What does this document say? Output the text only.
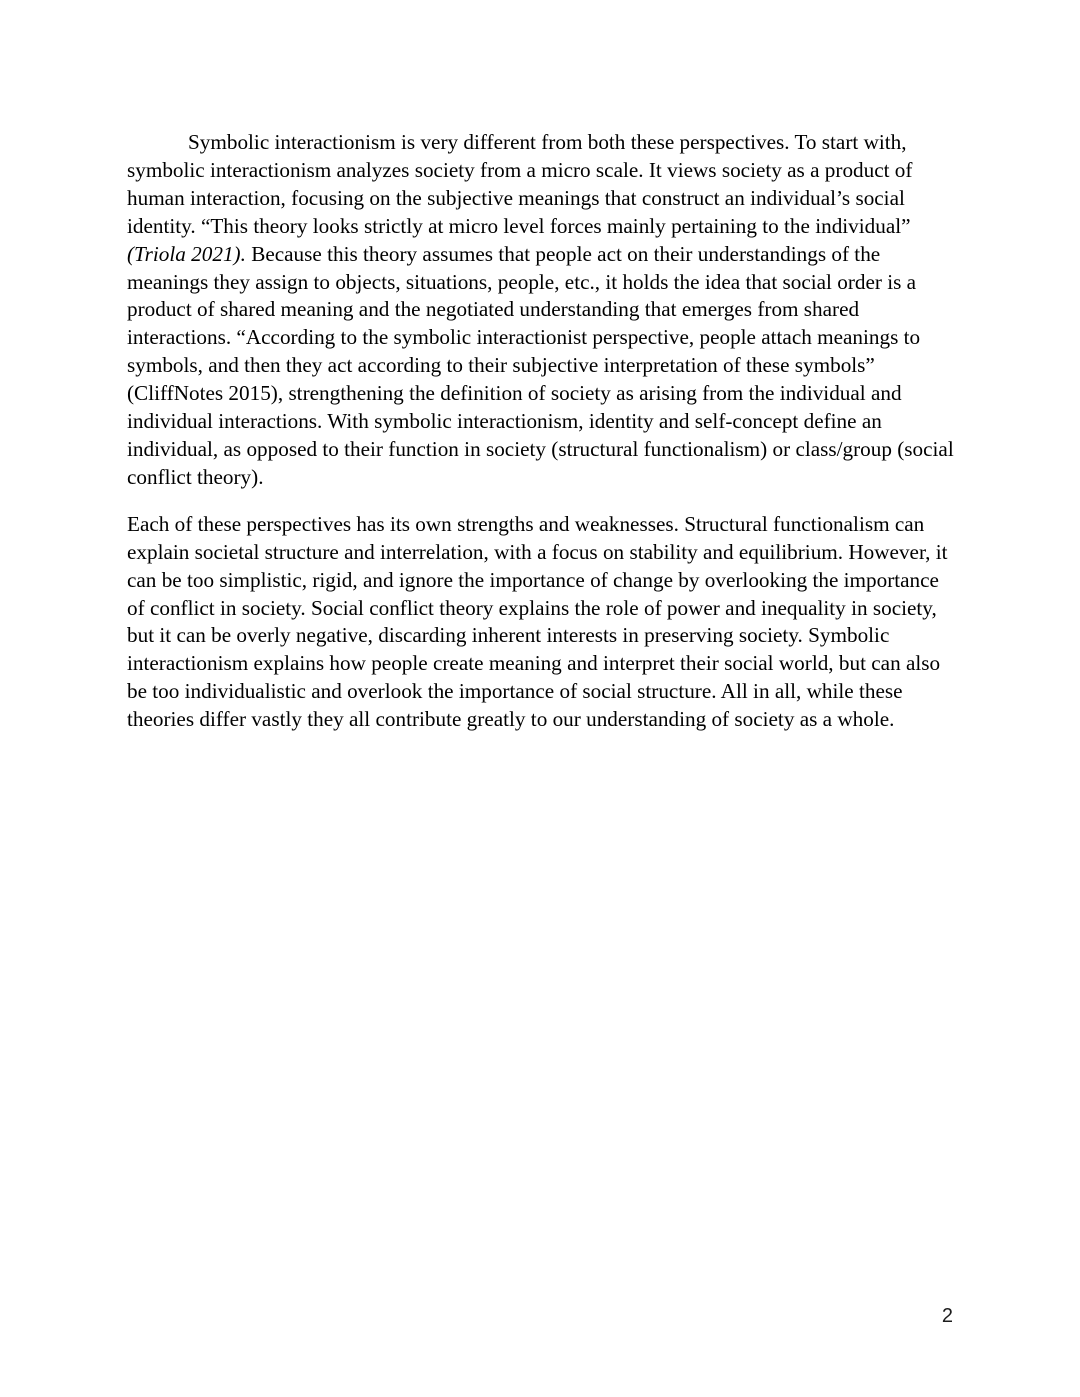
Symbolic interactionism is very different from both these perspectives. To start with, symbolic interactionism analyzes society from a micro scale. It views society as a product of human interaction, focusing on the subjective meanings that construct an individual’s social identity. “This theory looks strictly at micro level forces mainly pertaining to the individual” (Triola 2021). Because this theory assumes that people act on their understandings of the meanings they assign to objects, situations, people, etc., it holds the idea that social order is a product of shared meaning and the negotiated understanding that emerges from shared interactions. “According to the symbolic interactionist perspective, people attach meanings to symbols, and then they act according to their subjective interpretation of these symbols” (CliffNotes 2015), strengthening the definition of society as arising from the individual and individual interactions. With symbolic interactionism, identity and self-concept define an individual, as opposed to their function in society (structural functionalism) or class/group (social conflict theory).

Each of these perspectives has its own strengths and weaknesses. Structural functionalism can explain societal structure and interrelation, with a focus on stability and equilibrium. However, it can be too simplistic, rigid, and ignore the importance of change by overlooking the importance of conflict in society. Social conflict theory explains the role of power and inequality in society, but it can be overly negative, discarding inherent interests in preserving society. Symbolic interactionism explains how people create meaning and interpret their social world, but can also be too individualistic and overlook the importance of social structure. All in all, while these theories differ vastly they all contribute greatly to our understanding of society as a whole.

2
